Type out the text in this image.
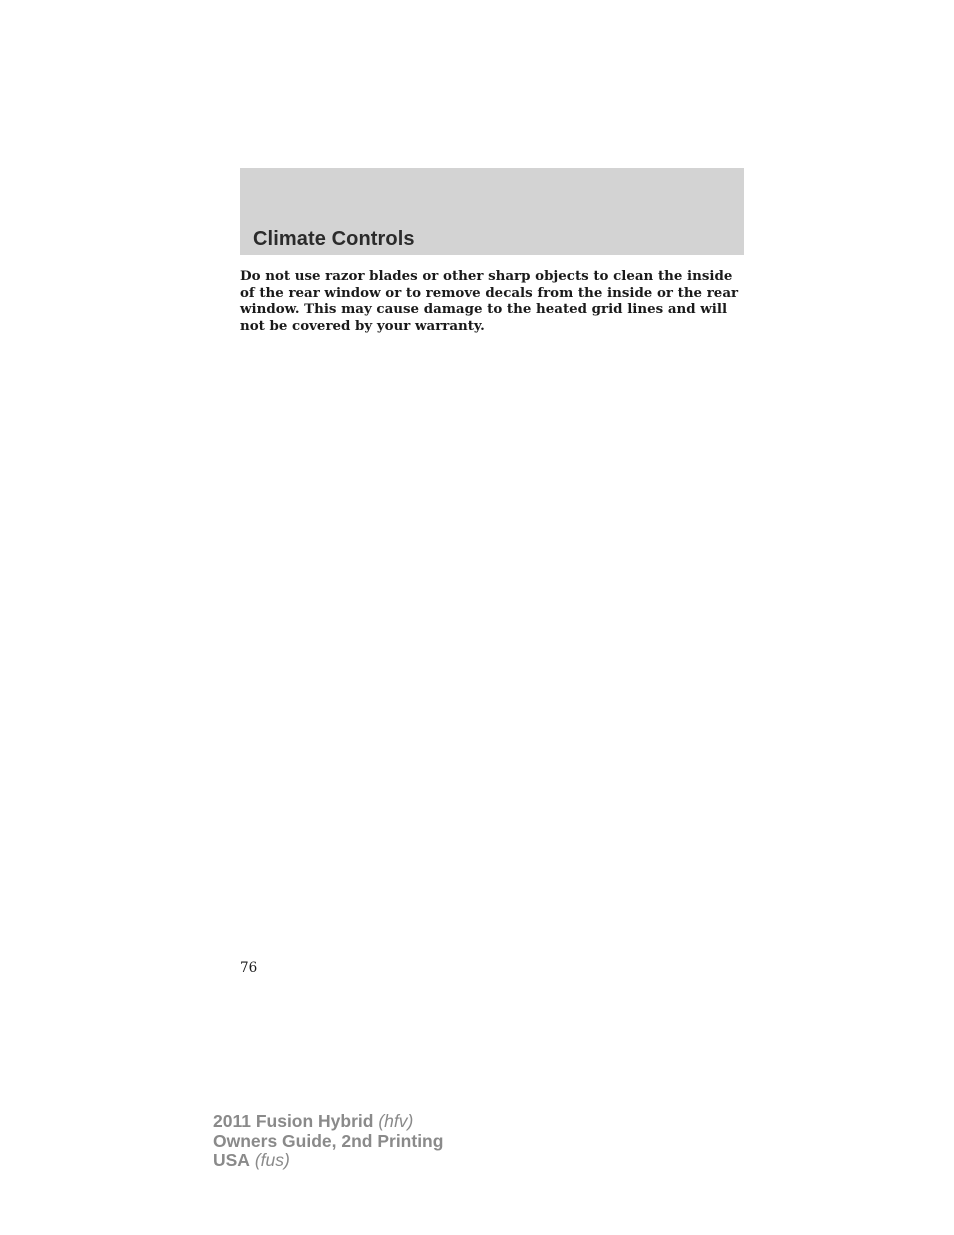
Climate Controls

Do not use razor blades or other sharp objects to clean the inside of the rear window or to remove decals from the inside or the rear window. This may cause damage to the heated grid lines and will not be covered by your warranty.

76

2011 Fusion Hybrid (hfv)
Owners Guide, 2nd Printing
USA (fus)
